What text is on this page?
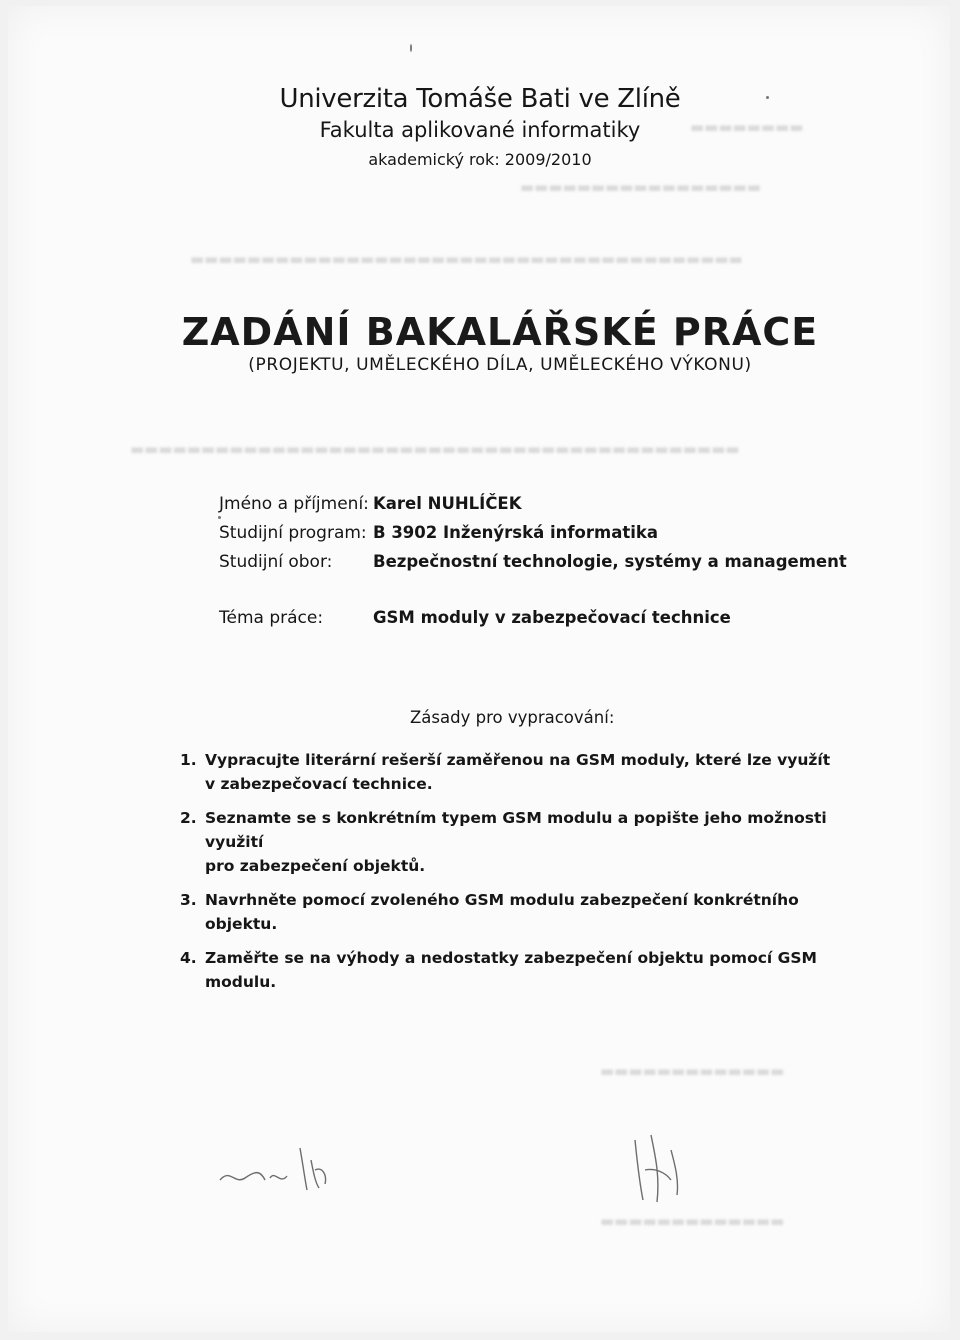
▬▬▬▬▬▬▬▬
▬▬▬▬▬▬▬▬▬▬▬▬▬▬▬▬▬
▬▬▬▬▬▬▬▬▬▬▬▬▬▬▬▬▬▬▬▬▬▬▬▬▬▬▬▬▬▬▬▬▬▬▬▬▬▬▬
▬▬▬▬▬▬▬▬▬▬▬▬▬▬▬▬▬▬▬▬▬▬▬▬▬▬▬▬▬▬▬▬▬▬▬▬▬▬▬▬▬▬▬
▬▬▬▬▬▬▬▬▬▬▬▬▬
▬▬▬▬▬▬▬▬▬▬▬▬▬
Univerzita Tomáše Bati ve Zlíně
Fakulta aplikované informatiky
akademický rok: 2009/2010
ZADÁNÍ BAKALÁŘSKÉ PRÁCE
(PROJEKTU, UMĚLECKÉHO DÍLA, UMĚLECKÉHO VÝKONU)
Jméno a příjmení: Karel NUHLÍČEK
Studijní program: B 3902 Inženýrská informatika
Studijní obor: Bezpečnostní technologie, systémy a management
Téma práce:	GSM moduly v zabezpečovací technice
Zásady pro vypracování:
1. Vypracujte literární rešerší zaměřenou na GSM moduly, které lze využít
v zabezpečovací technice.
2. Seznamte se s konkrétním typem GSM modulu a popište jeho možnosti využití
pro zabezpečení objektů.
3. Navrhněte pomocí zvoleného GSM modulu zabezpečení konkrétního objektu.
4. Zaměřte se na výhody a nedostatky zabezpečení objektu pomocí GSM modulu.
